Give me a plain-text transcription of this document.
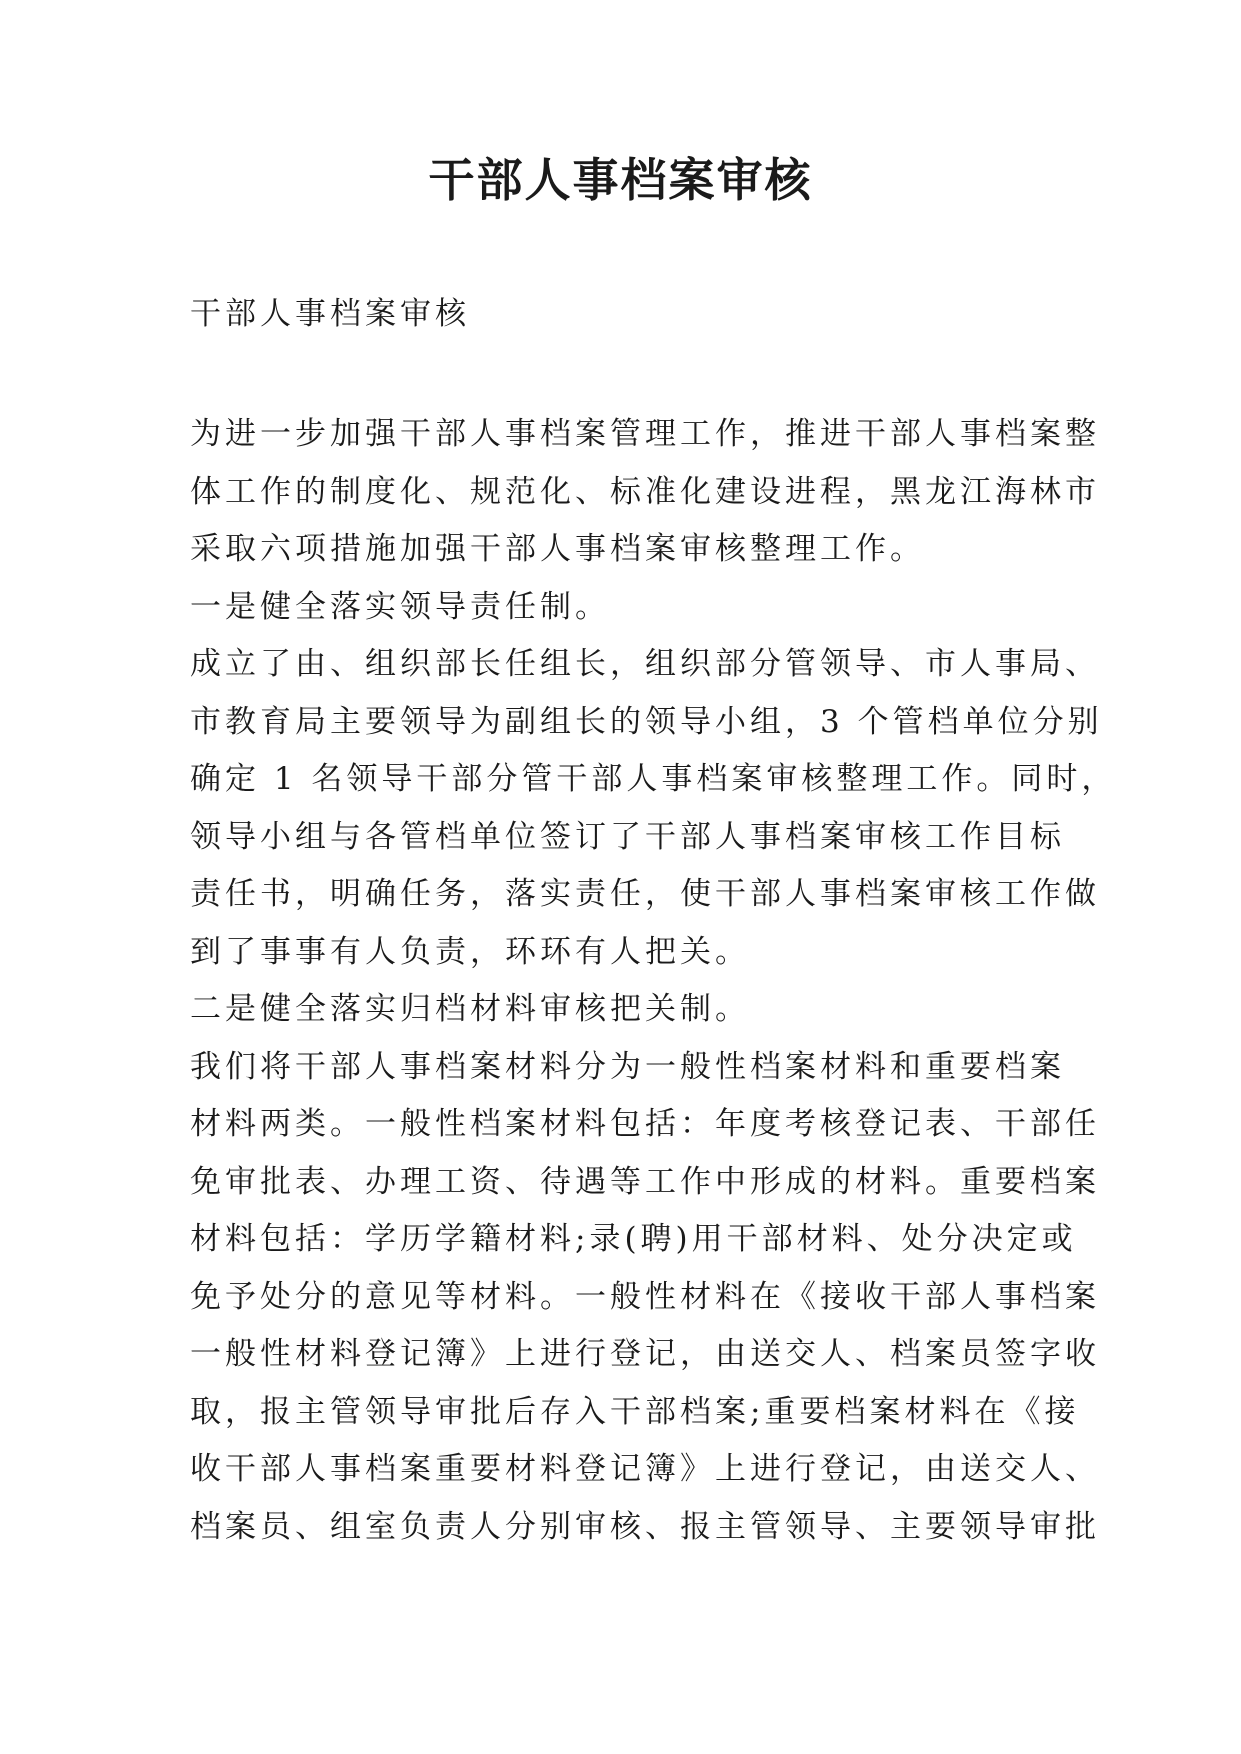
干部人事档案审核

干部人事档案审核

为进一步加强干部人事档案管理工作，推进干部人事档案整
体工作的制度化、规范化、标准化建设进程，黑龙江海林市
采取六项措施加强干部人事档案审核整理工作。
一是健全落实领导责任制。
成立了由、组织部长任组长，组织部分管领导、市人事局、
市教育局主要领导为副组长的领导小组，3 个管档单位分别
确定 1 名领导干部分管干部人事档案审核整理工作。同时，
领导小组与各管档单位签订了干部人事档案审核工作目标
责任书，明确任务，落实责任，使干部人事档案审核工作做
到了事事有人负责，环环有人把关。
二是健全落实归档材料审核把关制。
我们将干部人事档案材料分为一般性档案材料和重要档案
材料两类。一般性档案材料包括：年度考核登记表、干部任
免审批表、办理工资、待遇等工作中形成的材料。重要档案
材料包括：学历学籍材料;录(聘)用干部材料、处分决定或
免予处分的意见等材料。一般性材料在《接收干部人事档案
一般性材料登记簿》上进行登记，由送交人、档案员签字收
取，报主管领导审批后存入干部档案;重要档案材料在《接
收干部人事档案重要材料登记簿》上进行登记，由送交人、
档案员、组室负责人分别审核、报主管领导、主要领导审批
